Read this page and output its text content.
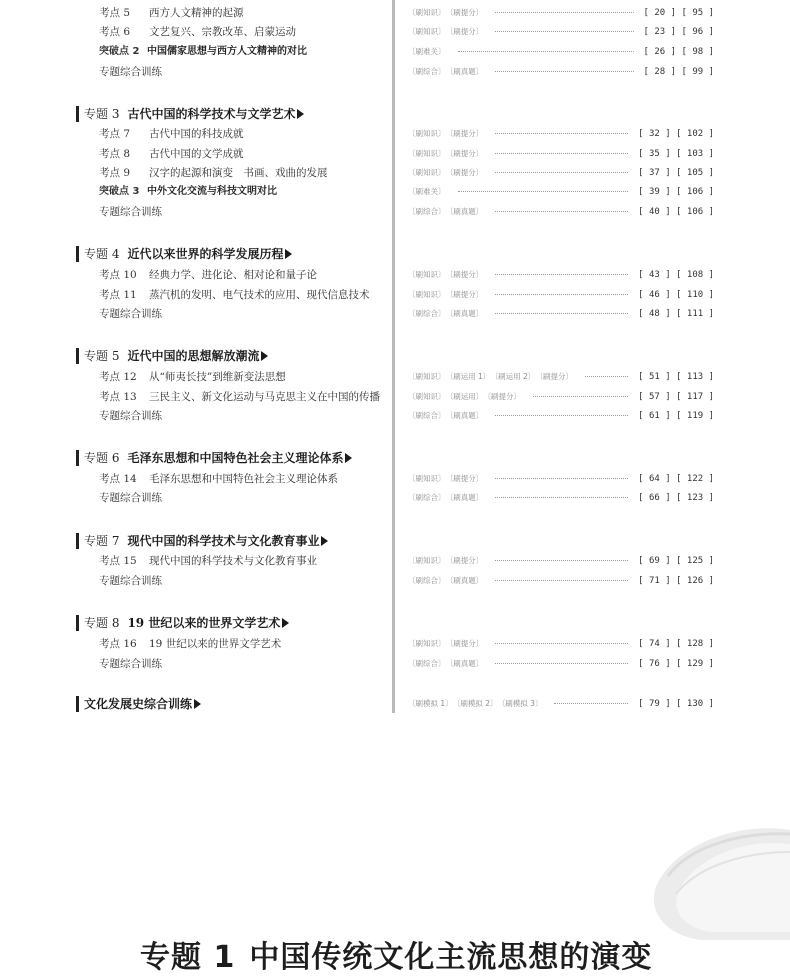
考点 5 西方人文精神的起源	〔刷知识〕 〔刷提分〕	[ 20 ] [ 95 ]
考点 6 文艺复兴、宗教改革、启蒙运动	〔刷知识〕 〔刷提分〕	[ 23 ] [ 96 ]
突破点 2 中国儒家思想与西方人文精神的对比	〔刷难关〕	[ 26 ] [ 98 ]
专题综合训练	〔刷综合〕 〔刷真题〕	[ 28 ] [ 99 ]
专题 3 古代中国的科学技术与文学艺术
考点 7 古代中国的科技成就	〔刷知识〕 〔刷提分〕	[ 32 ] [ 102 ]
考点 8 古代中国的文学成就	〔刷知识〕 〔刷提分〕	[ 35 ] [ 103 ]
考点 9 汉字的起源和演变　书画、戏曲的发展	〔刷知识〕 〔刷提分〕	[ 37 ] [ 105 ]
突破点 3 中外文化交流与科技文明对比	〔刷难关〕	[ 39 ] [ 106 ]
专题综合训练	〔刷综合〕 〔刷真题〕	[ 40 ] [ 106 ]
专题 4 近代以来世界的科学发展历程
考点 10 经典力学、进化论、相对论和量子论	〔刷知识〕 〔刷提分〕	[ 43 ] [ 108 ]
考点 11 蒸汽机的发明、电气技术的应用、现代信息技术	〔刷知识〕 〔刷提分〕	[ 46 ] [ 110 ]
专题综合训练	〔刷综合〕 〔刷真题〕	[ 48 ] [ 111 ]
专题 5 近代中国的思想解放潮流
考点 12 从“师夷长技”到维新变法思想	〔刷知识〕 〔刷运用 1〕 〔刷运用 2〕 〔刷提分〕	[ 51 ] [ 113 ]
考点 13 三民主义、新文化运动与马克思主义在中国的传播	〔刷知识〕 〔刷运用〕 〔刷提分〕	[ 57 ] [ 117 ]
专题综合训练	〔刷综合〕 〔刷真题〕	[ 61 ] [ 119 ]
专题 6 毛泽东思想和中国特色社会主义理论体系
考点 14 毛泽东思想和中国特色社会主义理论体系	〔刷知识〕 〔刷提分〕	[ 64 ] [ 122 ]
专题综合训练	〔刷综合〕 〔刷真题〕	[ 66 ] [ 123 ]
专题 7 现代中国的科学技术与文化教育事业
考点 15 现代中国的科学技术与文化教育事业	〔刷知识〕 〔刷提分〕	[ 69 ] [ 125 ]
专题综合训练	〔刷综合〕 〔刷真题〕	[ 71 ] [ 126 ]
专题 8 19 世纪以来的世界文学艺术
考点 16 19 世纪以来的世界文学艺术	〔刷知识〕 〔刷提分〕	[ 74 ] [ 128 ]
专题综合训练	〔刷综合〕 〔刷真题〕	[ 76 ] [ 129 ]
文化发展史综合训练	〔刷模拟 1〕 〔刷模拟 2〕 〔刷模拟 3〕	[ 79 ] [ 130 ]
专题 1 中国传统文化主流思想的演变
